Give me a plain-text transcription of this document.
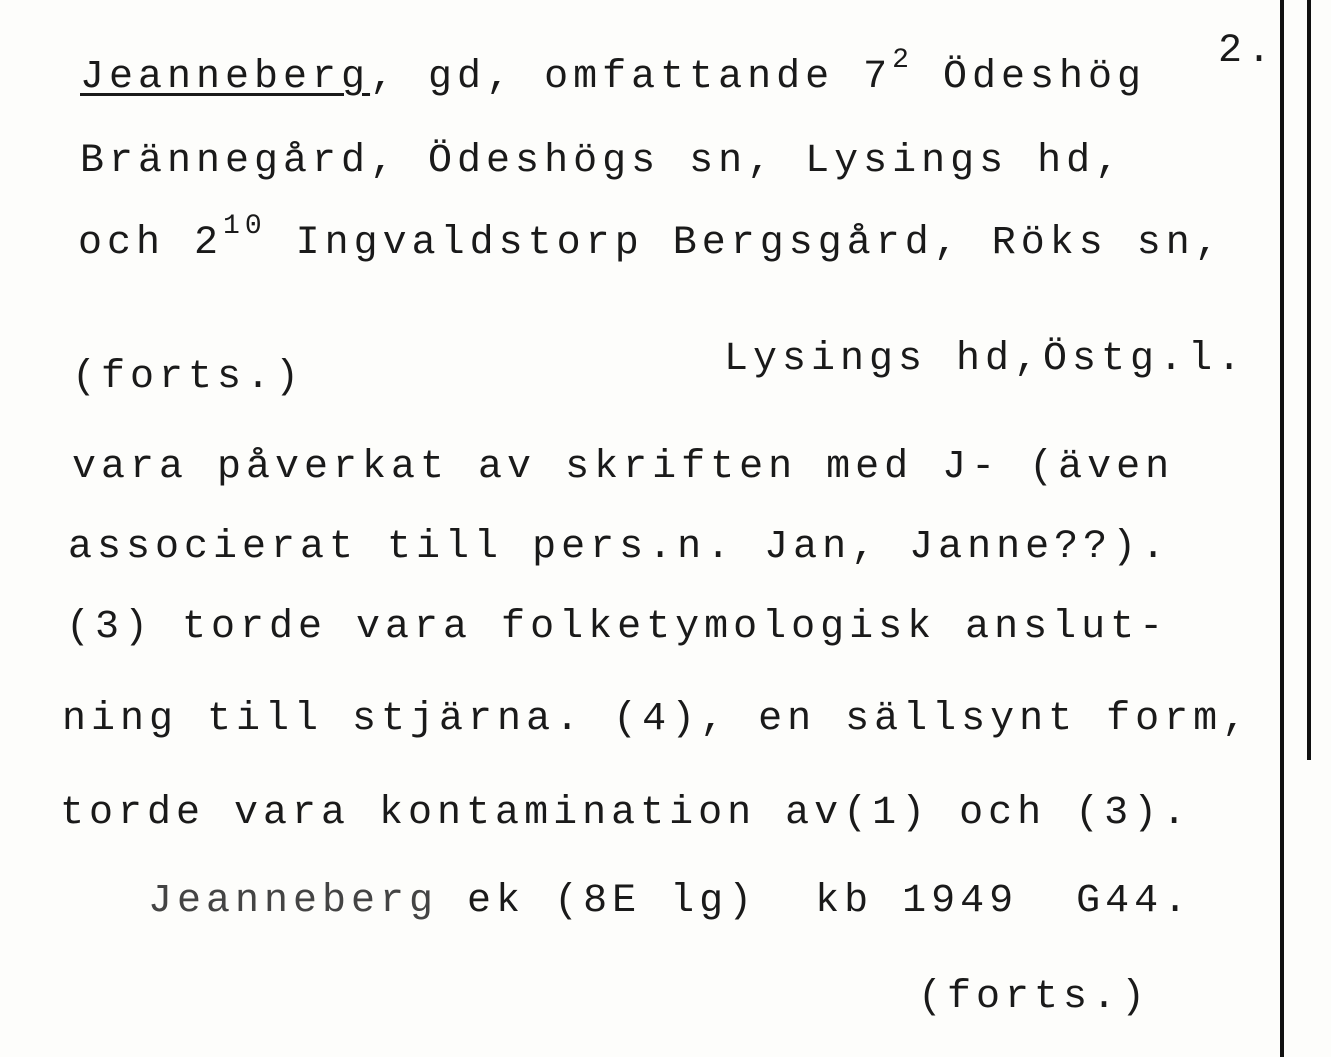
2.
Jeanneberg, gd, omfattande $7^2$ Ödeshög
Brännegård, Ödeshögs sn, Lysings hd,
och $2^{10}$ Ingvaldstorp Bergsgård, Röks sn,
(forts.)	Lysings hd,Östg.l.
vara påverkat av skriften med J- (även
associerat till pers.n. Jan, Janne??).
(3) torde vara folketymologisk anslut-
ning till stjärna. (4), en sällsynt form,
torde vara kontamination av(1) och (3).
Jeanneberg ek (8E lg)  kb 1949  G44.
(forts.)
